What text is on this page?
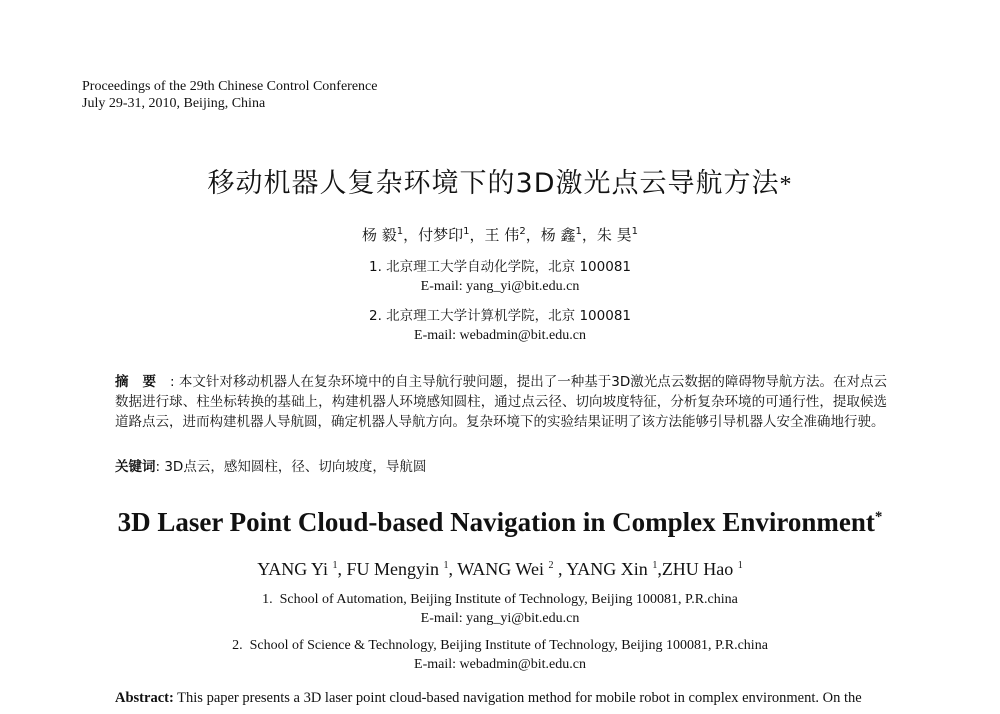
Proceedings of the 29th Chinese Control Conference
July 29-31, 2010, Beijing, China
移动机器人复杂环境下的3D激光点云导航方法*
杨 毅$^1$，付梦印$^1$，王 伟$^2$，杨 鑫$^1$，朱 昊$^1$
1. 北京理工大学自动化学院，北京 100081
E-mail: yang_yi@bit.edu.cn
2. 北京理工大学计算机学院，北京 100081
E-mail: webadmin@bit.edu.cn
摘要: 本文针对移动机器人在复杂环境中的自主导航行驶问题，提出了一种基于3D激光点云数据的障碍物导航方法。在对点云数据进行球、柱坐标转换的基础上，构建机器人环境感知圆柱，通过点云径、切向坡度特征，分析复杂环境的可通行性，提取候选道路点云，进而构建机器人导航圆，确定机器人导航方向。复杂环境下的实验结果证明了该方法能够引导机器人安全准确地行驶。
关键词: 3D点云，感知圆柱，径、切向坡度，导航圆
3D Laser Point Cloud-based Navigation in Complex Environment*
YANG Yi $^1$, FU Mengyin $^1$, WANG Wei $^2$ , YANG Xin $^1$,ZHU Hao $^1$
1.  School of Automation, Beijing Institute of Technology, Beijing 100081, P.R.china
E-mail: yang_yi@bit.edu.cn
2.  School of Science & Technology, Beijing Institute of Technology, Beijing 100081, P.R.china
E-mail: webadmin@bit.edu.cn
Abstract: This paper presents a 3D laser point cloud-based navigation method for mobile robot in complex environment. On the
